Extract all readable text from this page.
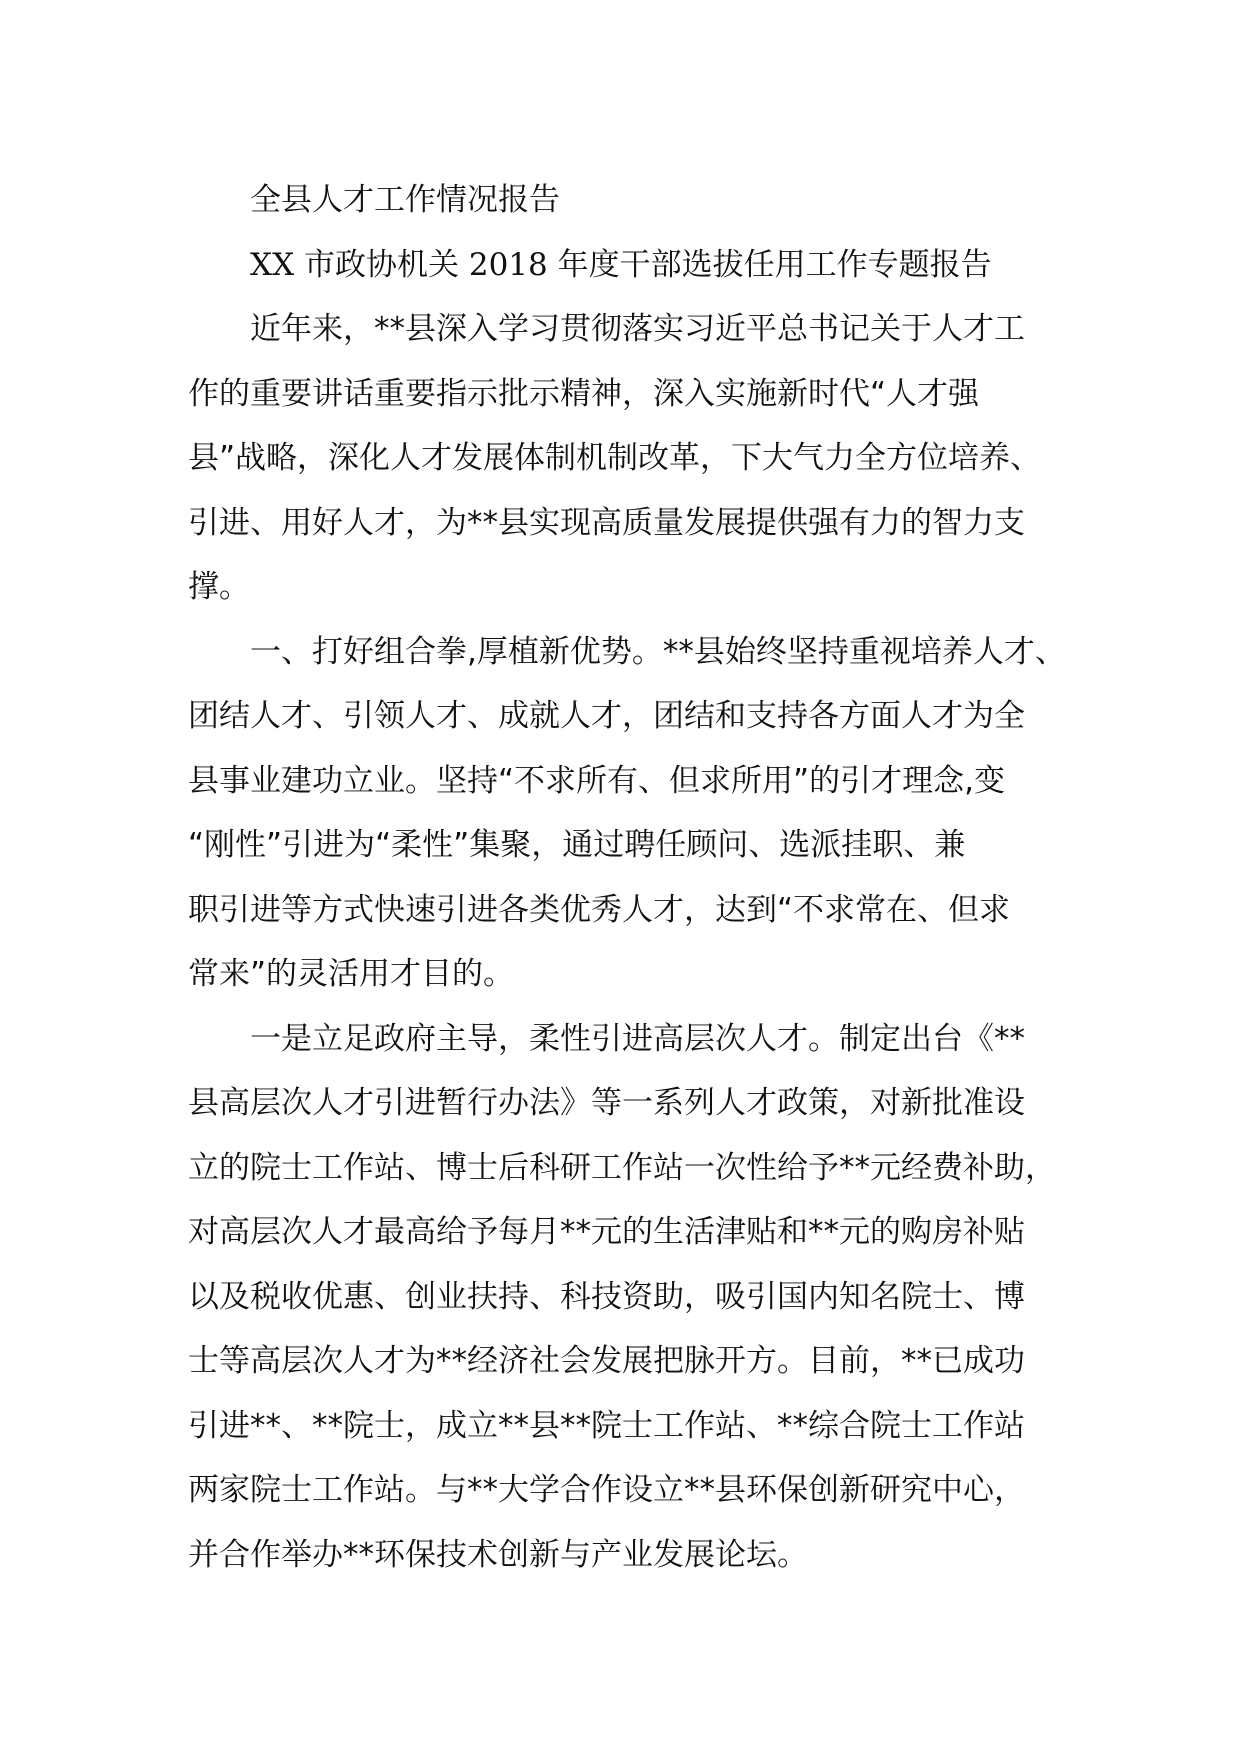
全县人才工作情况报告
XX 市政协机关 2018 年度干部选拔任用工作专题报告
近年来，**县深入学习贯彻落实习近平总书记关于人才工
作的重要讲话重要指示批示精神，深入实施新时代“人才强
县”战略，深化人才发展体制机制改革，下大气力全方位培养、
引进、用好人才，为**县实现高质量发展提供强有力的智力支
撑。
一、打好组合拳,厚植新优势。**县始终坚持重视培养人才、
团结人才、引领人才、成就人才，团结和支持各方面人才为全
县事业建功立业。坚持“不求所有、但求所用”的引才理念,变
“刚性”引进为“柔性”集聚，通过聘任顾问、选派挂职、兼
职引进等方式快速引进各类优秀人才，达到“不求常在、但求
常来”的灵活用才目的。
一是立足政府主导，柔性引进高层次人才。制定出台《**
县高层次人才引进暂行办法》等一系列人才政策，对新批准设
立的院士工作站、博士后科研工作站一次性给予**元经费补助，
对高层次人才最高给予每月**元的生活津贴和**元的购房补贴
以及税收优惠、创业扶持、科技资助，吸引国内知名院士、博
士等高层次人才为**经济社会发展把脉开方。目前，**已成功
引进**、**院士，成立**县**院士工作站、**综合院士工作站
两家院士工作站。与**大学合作设立**县环保创新研究中心，
并合作举办**环保技术创新与产业发展论坛。
